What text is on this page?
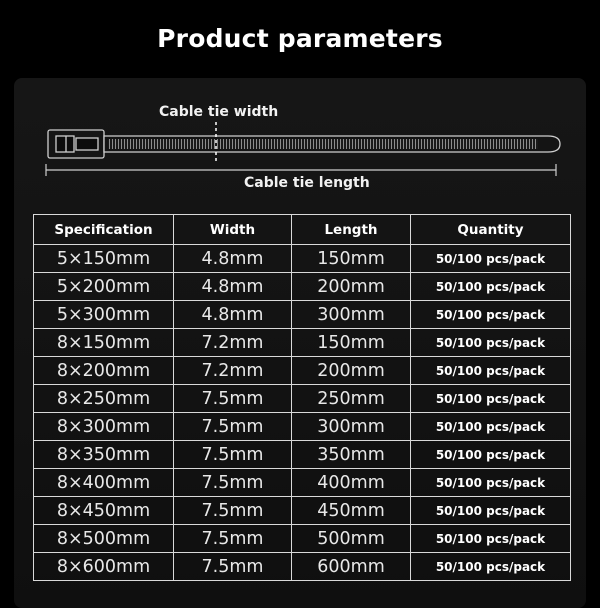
Product parameters
Cable tie width
Cable tie length
Specification	Width	Length	Quantity
5×150mm	4.8mm	150mm	50/100 pcs/pack
5×200mm	4.8mm	200mm	50/100 pcs/pack
5×300mm	4.8mm	300mm	50/100 pcs/pack
8×150mm	7.2mm	150mm	50/100 pcs/pack
8×200mm	7.2mm	200mm	50/100 pcs/pack
8×250mm	7.5mm	250mm	50/100 pcs/pack
8×300mm	7.5mm	300mm	50/100 pcs/pack
8×350mm	7.5mm	350mm	50/100 pcs/pack
8×400mm	7.5mm	400mm	50/100 pcs/pack
8×450mm	7.5mm	450mm	50/100 pcs/pack
8×500mm	7.5mm	500mm	50/100 pcs/pack
8×600mm	7.5mm	600mm	50/100 pcs/pack
